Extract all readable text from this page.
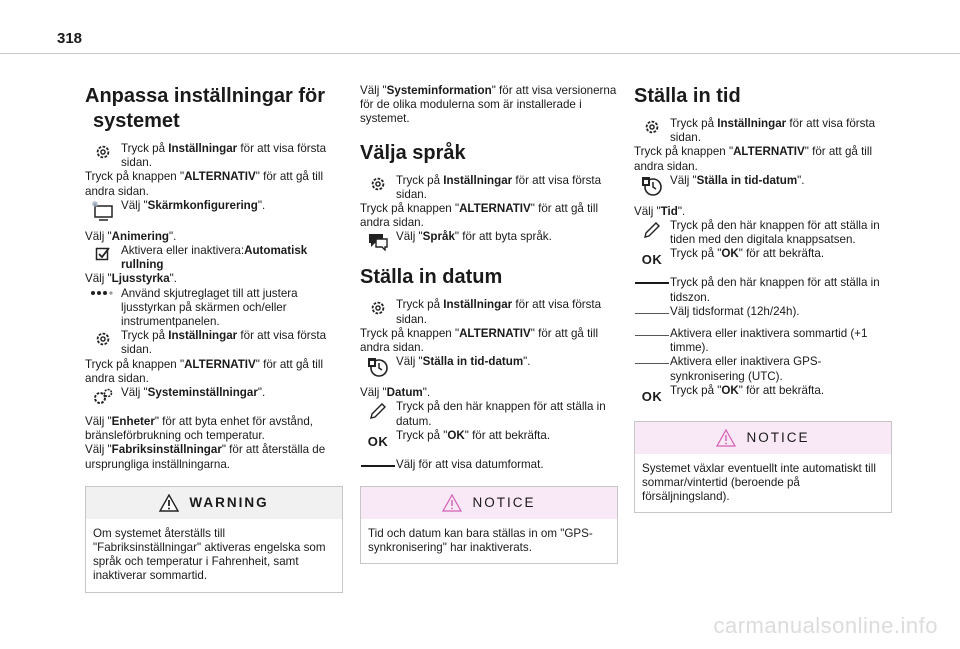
318
Anpassa inställningar för
systemet

Tryck på Inställningar för att visa första sidan.

Tryck på knappen "ALTERNATIV" för att gå till andra sidan.

Välj "Skärmkonfigurering".

Välj "Animering".

Aktivera eller inaktivera:Automatisk rullning

Välj "Ljusstyrka".

Använd skjutreglaget till att justera ljusstyrkan på skärmen och/eller instrumentpanelen.

Tryck på Inställningar för att visa första sidan.

Tryck på knappen "ALTERNATIV" för att gå till andra sidan.

Välj "Systeminställningar".

Välj "Enheter" för att byta enhet för avstånd, bränsleförbrukning och temperatur.

Välj "Fabriksinställningar" för att återställa de ursprungliga inställningarna.

WARNING
Om systemet återställs till "Fabriksinställningar" aktiveras engelska som språk och temperatur i Fahrenheit, samt inaktiverar sommartid.

Välj "Systeminformation" för att visa versionerna för de olika modulerna som är installerade i systemet.

Välja språk

Tryck på Inställningar för att visa första sidan.

Tryck på knappen "ALTERNATIV" för att gå till andra sidan.

Välj "Språk" för att byta språk.

Ställa in datum

Tryck på Inställningar för att visa första sidan.

Tryck på knappen "ALTERNATIV" för att gå till andra sidan.

Välj "Ställa in tid-datum".

Välj "Datum".

Tryck på den här knappen för att ställa in datum.

OK Tryck på "OK" för att bekräfta.

Välj för att visa datumformat.

NOTICE
Tid och datum kan bara ställas in om "GPS-synkronisering" har inaktiverats.
Ställa in tid

Tryck på Inställningar för att visa första sidan.

Tryck på knappen "ALTERNATIV" för att gå till andra sidan.

Välj "Ställa in tid-datum".

Välj "Tid".

Tryck på den här knappen för att ställa in tiden med den digitala knappsatsen.

OK Tryck på "OK" för att bekräfta.

Tryck på den här knappen för att ställa in tidszon.

Välj tidsformat (12h/24h).

Aktivera eller inaktivera sommartid (+1 timme).

Aktivera eller inaktivera GPS-synkronisering (UTC).

OK Tryck på "OK" för att bekräfta.

NOTICE
Systemet växlar eventuellt inte automatiskt till sommar/vintertid (beroende på försäljningsland).
carmanualsonline.info
